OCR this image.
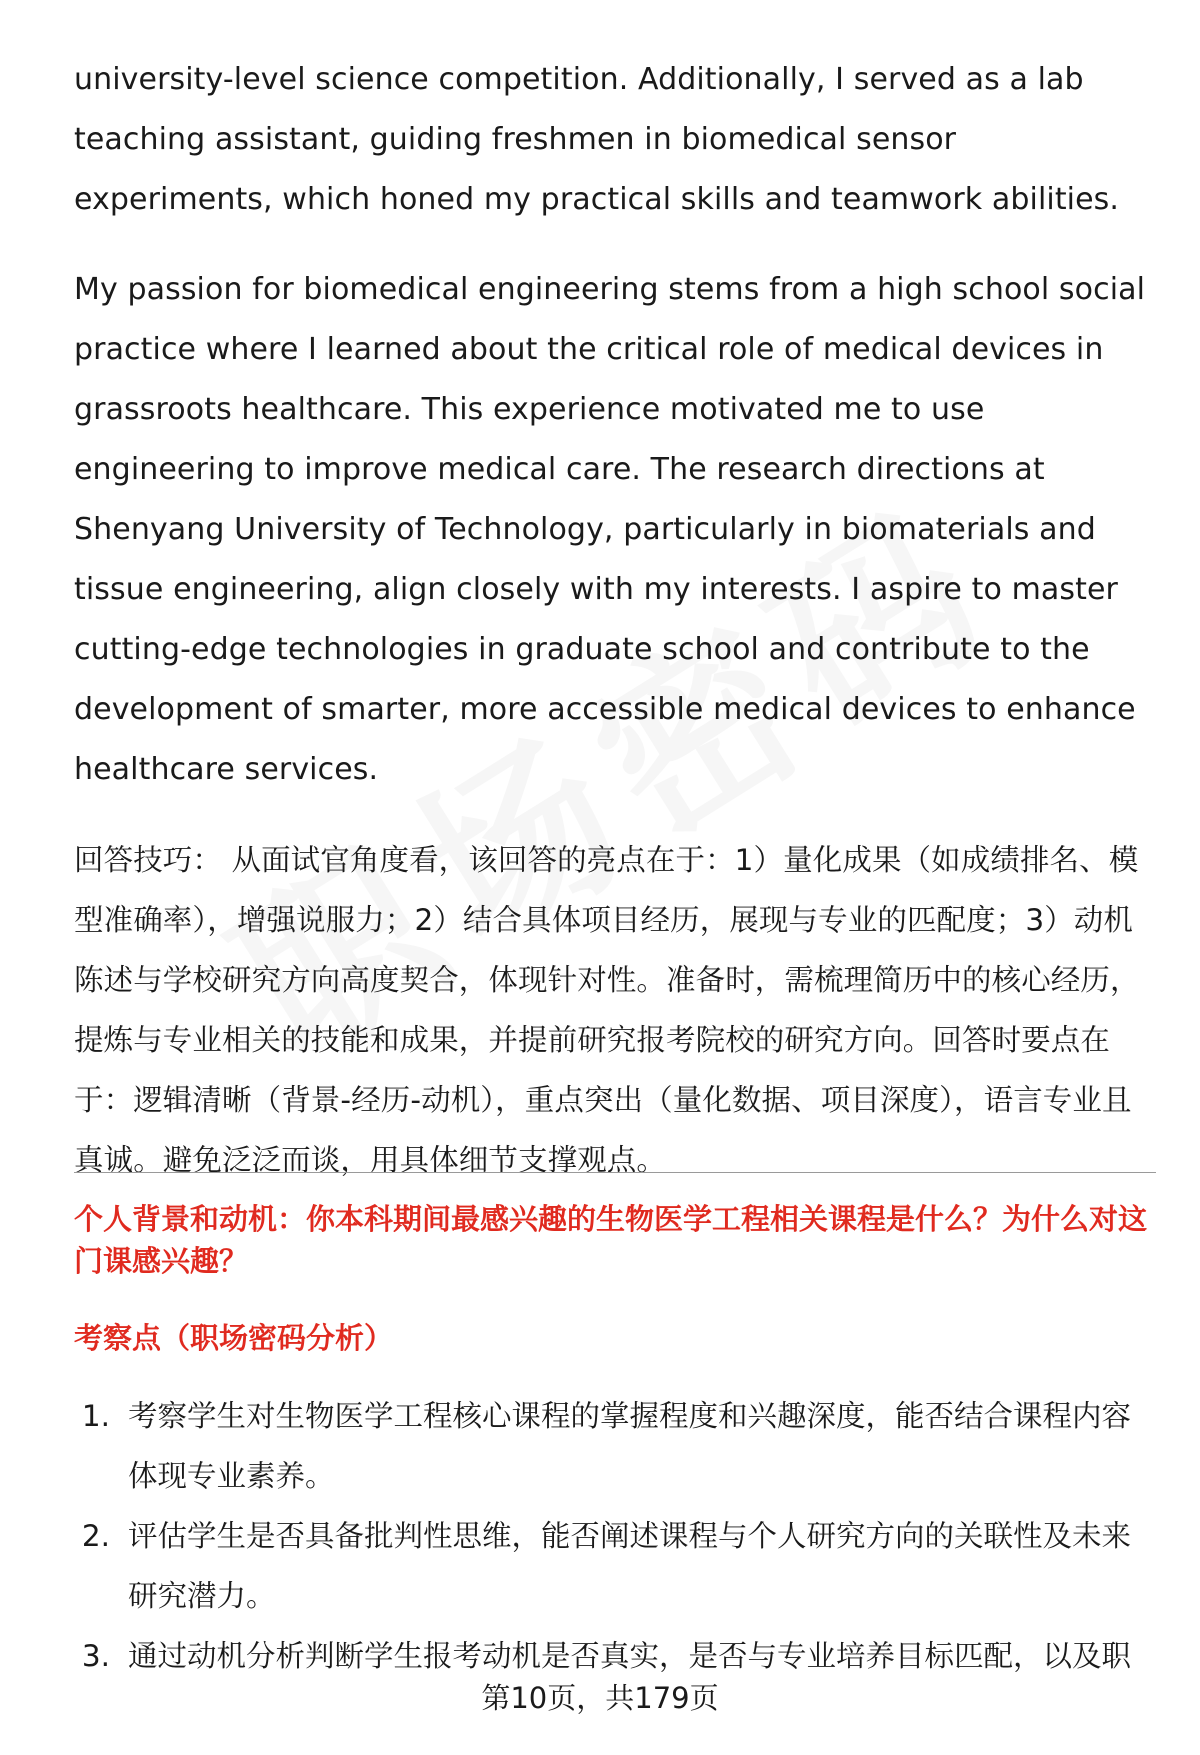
university-level science competition. Additionally, I served as a lab teaching assistant, guiding freshmen in biomedical sensor experiments, which honed my practical skills and teamwork abilities.

My passion for biomedical engineering stems from a high school social practice where I learned about the critical role of medical devices in grassroots healthcare. This experience motivated me to use engineering to improve medical care. The research directions at Shenyang University of Technology, particularly in biomaterials and tissue engineering, align closely with my interests. I aspire to master cutting-edge technologies in graduate school and contribute to the development of smarter, more accessible medical devices to enhance healthcare services.

回答技巧： 从面试官角度看，该回答的亮点在于：1）量化成果（如成绩排名、模型准确率），增强说服力；2）结合具体项目经历，展现与专业的匹配度；3）动机陈述与学校研究方向高度契合，体现针对性。准备时，需梳理简历中的核心经历，提炼与专业相关的技能和成果，并提前研究报考院校的研究方向。回答时要点在于：逻辑清晰（背景-经历-动机），重点突出（量化数据、项目深度），语言专业且真诚。避免泛泛而谈，用具体细节支撑观点。

个人背景和动机：你本科期间最感兴趣的生物医学工程相关课程是什么？为什么对这门课感兴趣？
考察点（职场密码分析）
1. 考察学生对生物医学工程核心课程的掌握程度和兴趣深度，能否结合课程内容体现专业素养。
2. 评估学生是否具备批判性思维，能否阐述课程与个人研究方向的关联性及未来研究潜力。
3. 通过动机分析判断学生报考动机是否真实，是否与专业培养目标匹配，以及职
第10页，共179页
